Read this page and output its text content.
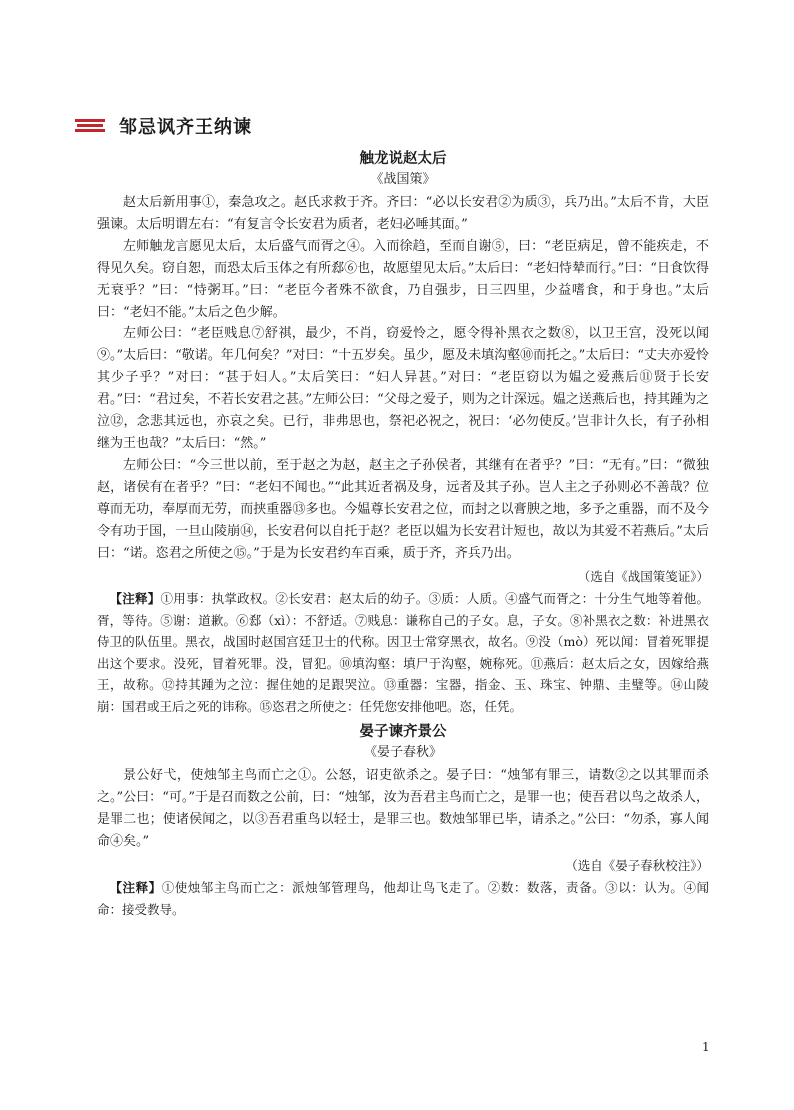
邹忌讽齐王纳谏
触龙说赵太后

《战国策》

赵太后新用事①，秦急攻之。赵氏求救于齐。齐曰：“必以长安君②为质③，兵乃出。”太后不肯，大臣强谏。太后明谓左右：“有复言令长安君为质者，老妇必唾其面。”

左师触龙言愿见太后，太后盛气而胥之④。入而徐趋，至而自谢⑤，曰：“老臣病足，曾不能疾走，不得见久矣。窃自恕，而恐太后玉体之有所郄⑥也，故愿望见太后。”太后曰：“老妇恃辇而行。”曰：“日食饮得无衰乎？”曰：“恃粥耳。”曰：“老臣今者殊不欲食，乃自强步，日三四里，少益嗜食，和于身也。”太后曰：“老妇不能。”太后之色少解。

左师公曰：“老臣贱息⑦舒祺，最少，不肖，窃爱怜之，愿令得补黑衣之数⑧，以卫王宫，没死以闻⑨。”太后曰：“敬诺。年几何矣？”对曰：“十五岁矣。虽少，愿及未填沟壑⑩而托之。”太后曰：“丈夫亦爱怜其少子乎？”对曰：“甚于妇人。”太后笑曰：“妇人异甚。”对曰：“老臣窃以为媪之爱燕后⑪贤于长安君。”曰：“君过矣，不若长安君之甚。”左师公曰：“父母之爱子，则为之计深远。媪之送燕后也，持其踵为之泣⑫，念悲其远也，亦哀之矣。已行，非弗思也，祭祀必祝之，祝曰：‘必勿使反。’岂非计久长，有子孙相继为王也哉？”太后曰：“然。”

左师公曰：“今三世以前，至于赵之为赵，赵主之子孙侯者，其继有在者乎？”曰：“无有。”曰：“微独赵，诸侯有在者乎？”曰：“老妇不闻也。”“此其近者祸及身，远者及其子孙。岂人主之子孙则必不善哉？位尊而无功，奉厚而无劳，而挟重器⑬多也。今媪尊长安君之位，而封之以膏腴之地，多予之重器，而不及今令有功于国，一旦山陵崩⑭，长安君何以自托于赵？老臣以媪为长安君计短也，故以为其爱不若燕后。”太后曰：“诺。恣君之所使之⑮。”于是为长安君约车百乘，质于齐，齐兵乃出。

（选自《战国策笺证》）

【注释】①用事：执掌政权。②长安君：赵太后的幼子。③质：人质。④盛气而胥之：十分生气地等着他。胥，等待。⑤谢：道歉。⑥郄（xì）：不舒适。⑦贱息：谦称自己的子女。息，子女。⑧补黑衣之数：补进黑衣侍卫的队伍里。黑衣，战国时赵国宫廷卫士的代称。因卫士常穿黑衣，故名。⑨没（mò）死以闻：冒着死罪提出这个要求。没死，冒着死罪。没，冒犯。⑩填沟壑：填尸于沟壑，婉称死。⑪燕后：赵太后之女，因嫁给燕王，故称。⑫持其踵为之泣：握住她的足跟哭泣。⑬重器：宝器，指金、玉、珠宝、钟鼎、圭璧等。⑭山陵崩：国君或王后之死的讳称。⑮恣君之所使之：任凭您安排他吧。恣，任凭。

晏子谏齐景公

《晏子春秋》

景公好弋，使烛邹主鸟而亡之①。公怒，诏吏欲杀之。晏子曰：“烛邹有罪三，请数②之以其罪而杀之。”公曰：“可。”于是召而数之公前，曰：“烛邹，汝为吾君主鸟而亡之，是罪一也；使吾君以鸟之故杀人，是罪二也；使诸侯闻之，以③吾君重鸟以轻士，是罪三也。数烛邹罪已毕，请杀之。”公曰：“勿杀，寡人闻命④矣。”

（选自《晏子春秋校注》）

【注释】①使烛邹主鸟而亡之：派烛邹管理鸟，他却让鸟飞走了。②数：数落，责备。③以：认为。④闻命：接受教导。

1
